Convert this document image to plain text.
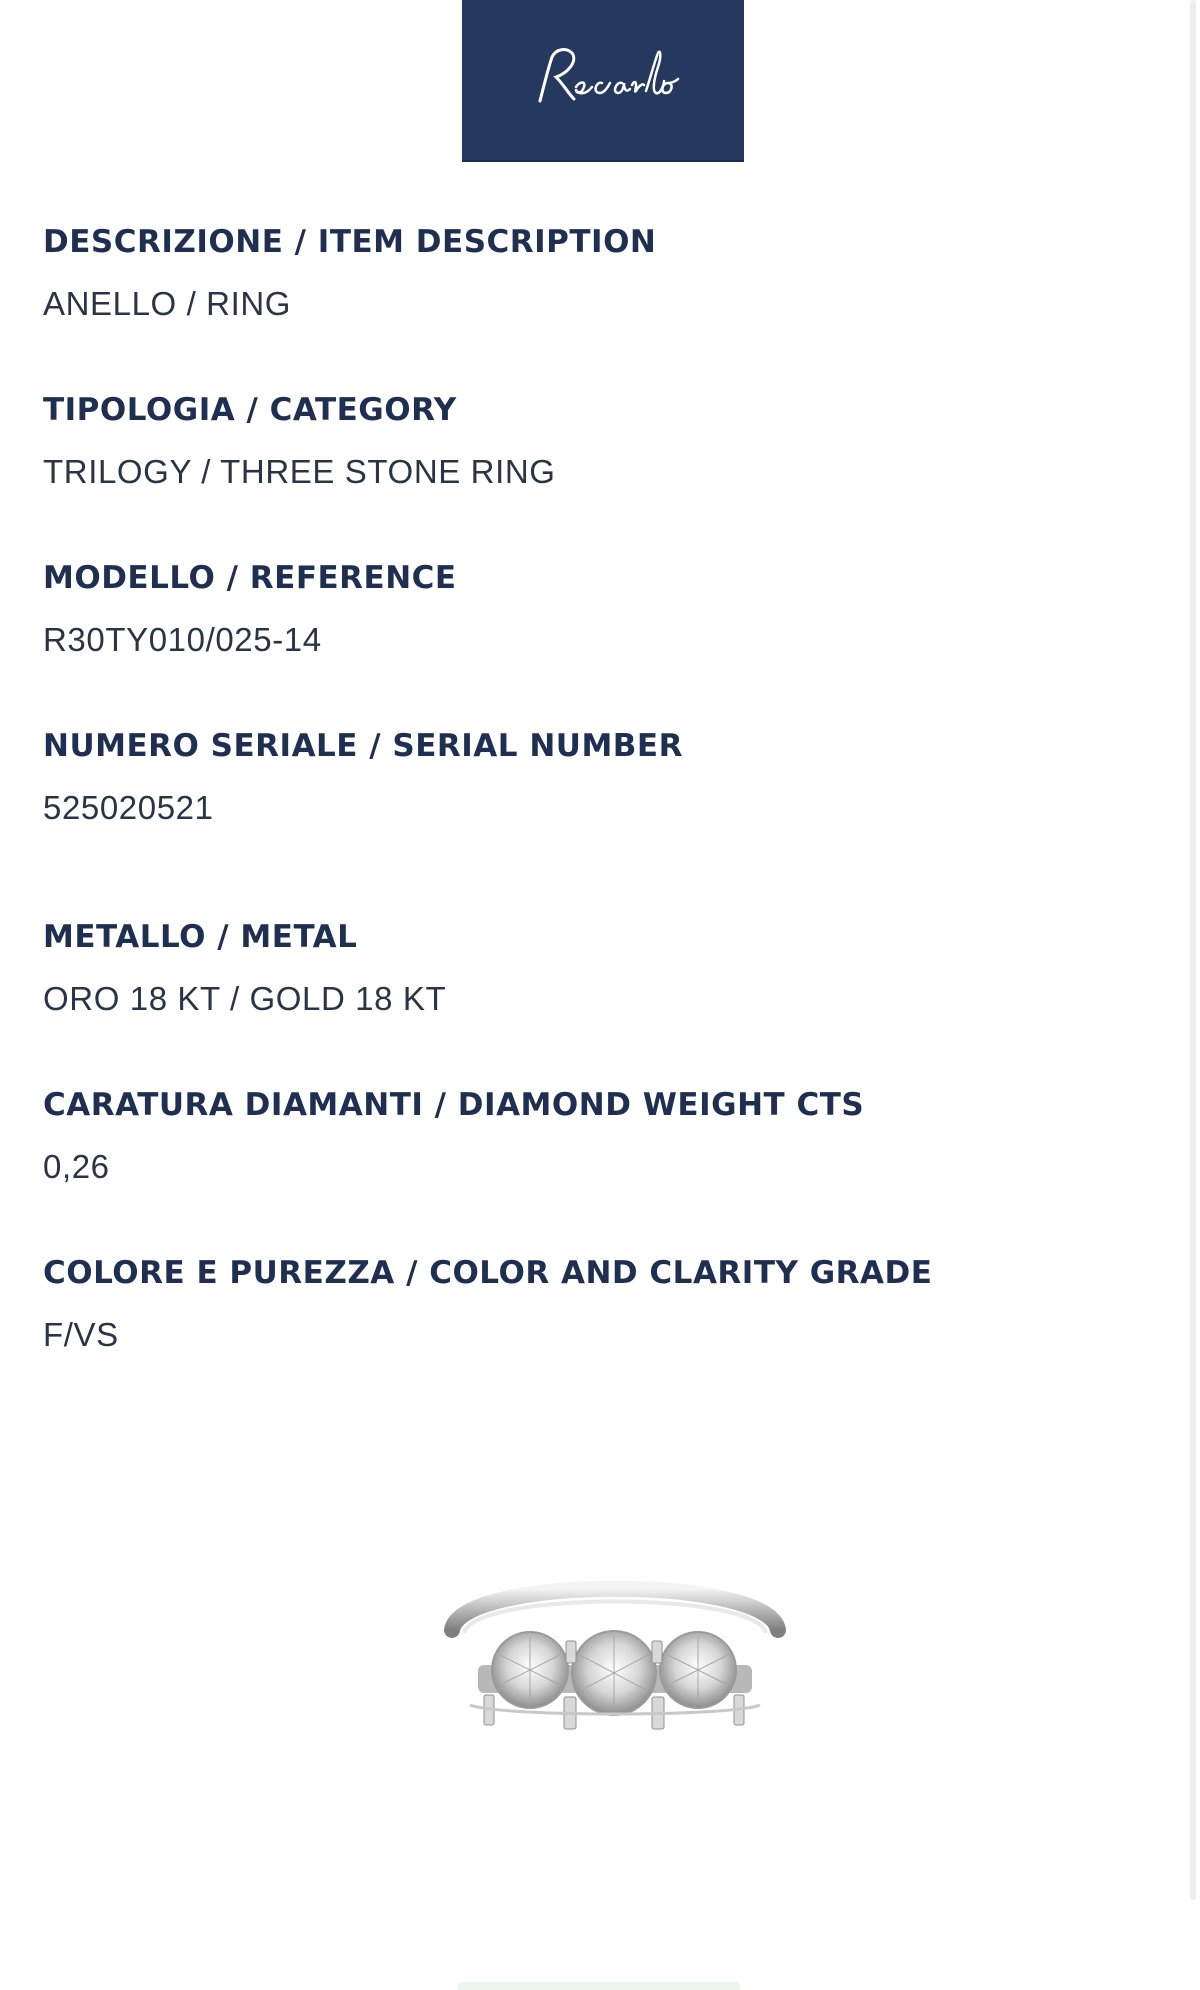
DESCRIZIONE / ITEM DESCRIPTION
ANELLO / RING
TIPOLOGIA / CATEGORY
TRILOGY / THREE STONE RING
MODELLO / REFERENCE
R30TY010/025-14
NUMERO SERIALE / SERIAL NUMBER
525020521
METALLO / METAL
ORO 18 KT / GOLD 18 KT
CARATURA DIAMANTI / DIAMOND WEIGHT CTS
0,26
COLORE E PUREZZA / COLOR AND CLARITY GRADE
F/VS
